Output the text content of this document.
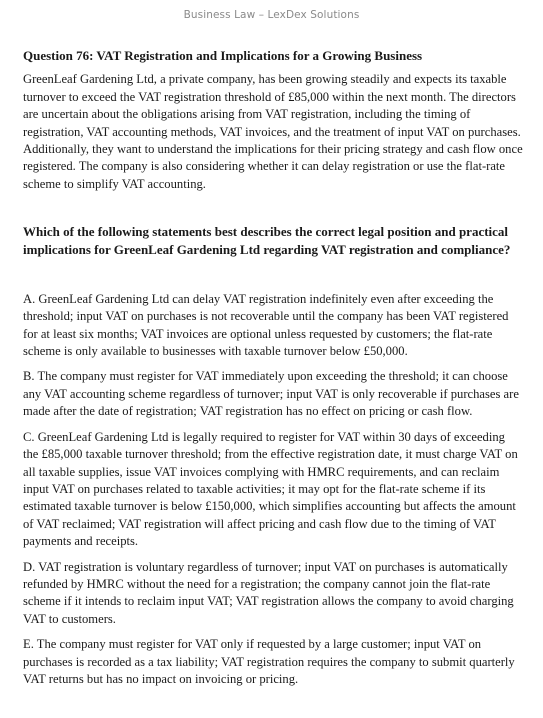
Business Law – LexDex Solutions
Question 76: VAT Registration and Implications for a Growing Business

GreenLeaf Gardening Ltd, a private company, has been growing steadily and expects its taxable turnover to exceed the VAT registration threshold of £85,000 within the next month. The directors are uncertain about the obligations arising from VAT registration, including the timing of registration, VAT accounting methods, VAT invoices, and the treatment of input VAT on purchases. Additionally, they want to understand the implications for their pricing strategy and cash flow once registered. The company is also considering whether it can delay registration or use the flat-rate scheme to simplify VAT accounting.

Which of the following statements best describes the correct legal position and practical implications for GreenLeaf Gardening Ltd regarding VAT registration and compliance?

A. GreenLeaf Gardening Ltd can delay VAT registration indefinitely even after exceeding the threshold; input VAT on purchases is not recoverable until the company has been VAT registered for at least six months; VAT invoices are optional unless requested by customers; the flat-rate scheme is only available to businesses with taxable turnover below £50,000.

B. The company must register for VAT immediately upon exceeding the threshold; it can choose any VAT accounting scheme regardless of turnover; input VAT is only recoverable if purchases are made after the date of registration; VAT registration has no effect on pricing or cash flow.

C. GreenLeaf Gardening Ltd is legally required to register for VAT within 30 days of exceeding the £85,000 taxable turnover threshold; from the effective registration date, it must charge VAT on all taxable supplies, issue VAT invoices complying with HMRC requirements, and can reclaim input VAT on purchases related to taxable activities; it may opt for the flat-rate scheme if its estimated taxable turnover is below £150,000, which simplifies accounting but affects the amount of VAT reclaimed; VAT registration will affect pricing and cash flow due to the timing of VAT payments and receipts.

D. VAT registration is voluntary regardless of turnover; input VAT on purchases is automatically refunded by HMRC without the need for a registration; the company cannot join the flat-rate scheme if it intends to reclaim input VAT; VAT registration allows the company to avoid charging VAT to customers.

E. The company must register for VAT only if requested by a large customer; input VAT on purchases is recorded as a tax liability; VAT registration requires the company to submit quarterly VAT returns but has no impact on invoicing or pricing.
